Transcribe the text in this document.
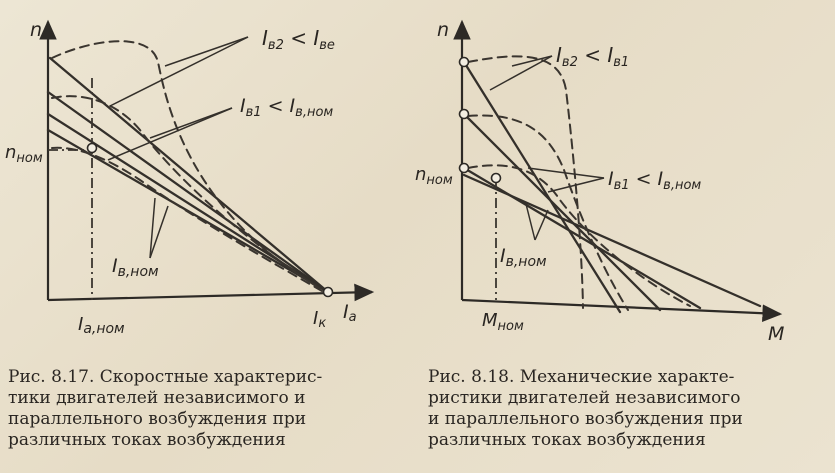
n
Ia
$n_{ном}$
Ia,ном	Iк
$I_{в2} < I_{вe}$
$I_{в1} < I_{в,ном}$
$I_{в,ном}$
n
M
$n_{ном}$
$M_{ном}$
$I_{в2} < I_{в1}$
$I_{в1} < I_{в,ном}$
$I_{в,ном}$
Рис. 8.17. Скоростные характерис-
тики двигателей независимого и
параллельного возбуждения при
различных токах возбуждения
Рис. 8.18. Механические характе-
ристики двигателей независимого
и параллельного возбуждения при
различных токах возбуждения
